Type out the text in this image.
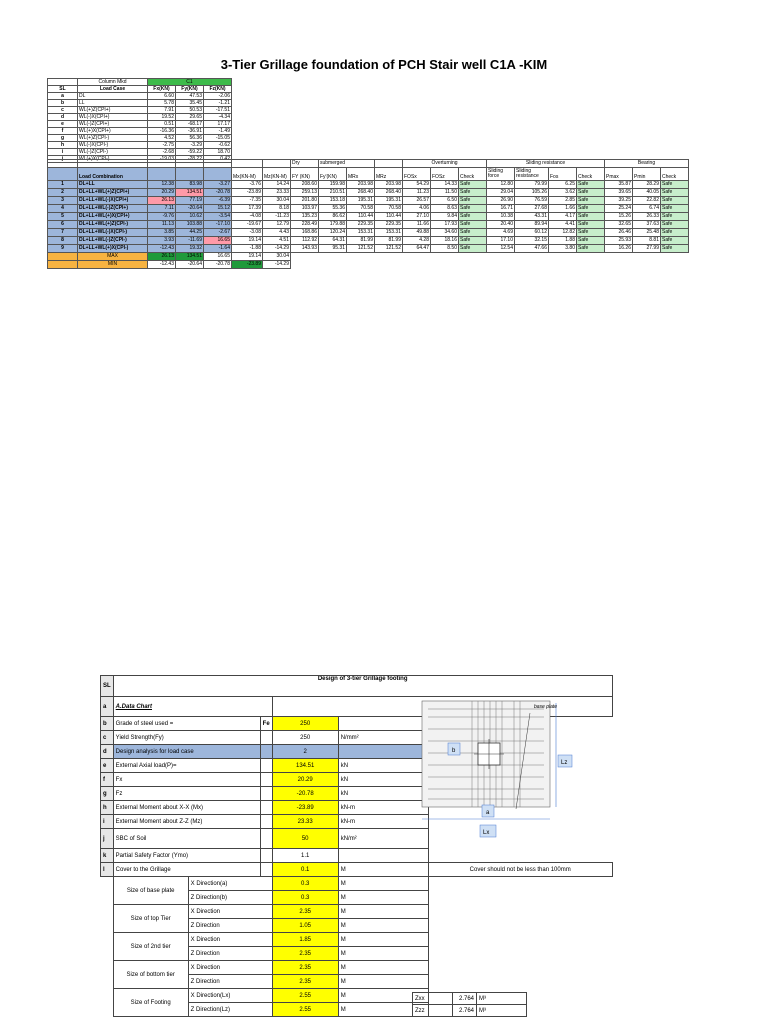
3-Tier Grillage foundation of PCH Stair well C1A -KIM
	Column Mkd	C1		
SL	Load Case	Fx(KN)	Fy(KN)	Fz(KN)
a	DL	6.60	47.53	-2.06
b	LL	5.78	35.45	-1.21
c	WL(+)Z(CPI+)	7.91	50.53	-17.51
d	WL(-)X(CPI+)	19.52	29.65	-4.34
e	WL(-)Z(CPI+)	0.51	-68.17	17.17
f	WL(+)X(CPI+)	-16.36	-36.91	-1.49
g	WL(+)Z(CPI-)	4.52	56.36	-15.05
h	WL(-)X(CPI-)	-2.75	-3.29	-0.62
i	WL(-)Z(CPI-)	-2.68	-59.22	18.70
j	WL(+)X(CPI-)	-19.03	-28.22	0.42
							Dry	submerged			Overturning			Sliding resistance				Bearing		
	Load Combination				Mx(KN-M)	Mz(KN-M)	FY (KN)	Fy'(KN)	MRx	MRz	FOSx	FOSz	Check	Sliding force	Sliding resistance	Fos	Check	Pmax	Pmin	Check
1	DL+LL	12.38	83.98	-3.27	-3.76	14.24	208.60	159.98	203.98	203.98	54.29	14.33	Safe	12.80	79.99	6.25	Safe	35.87	28.29	Safe
2	DL+LL+WL(+)Z(CPI+)	20.29	134.51	-20.78	-23.89	23.33	259.13	210.51	268.40	268.40	11.23	11.50	Safe	29.04	105.26	3.62	Safe	39.65	40.05	Safe
3	DL+LL+WL(-)X(CPI+)	26.13	77.19	-6.39	-7.35	30.04	201.80	153.18	195.31	195.31	26.57	6.50	Safe	26.90	76.59	2.85	Safe	39.25	22.82	Safe
4	DL+LL+WL(-)Z(CPI+)	7.11	-20.64	15.12	17.39	8.18	103.97	55.36	70.58	70.58	4.06	8.63	Safe	16.71	27.68	1.66	Safe	25.24	6.74	Safe
5	DL+LL+WL(+)X(CPI+)	-9.76	10.62	-3.54	-4.08	-11.23	135.23	86.62	110.44	110.44	27.10	9.84	Safe	10.38	43.31	4.17	Safe	15.26	26.33	Safe
6	DL+LL+WL(+)Z(CPI-)	11.13	103.88	-17.10	-19.67	12.79	228.49	179.88	229.35	229.35	11.66	17.93	Safe	20.40	89.94	4.41	Safe	32.65	37.63	Safe
7	DL+LL+WL(-)X(CPI-)	3.85	44.25	-2.67	-3.08	4.43	168.86	120.24	153.31	153.31	49.88	34.60	Safe	4.69	60.12	12.82	Safe	26.46	25.48	Safe
8	DL+LL+WL(-)Z(CPI-)	3.93	-11.69	16.65	19.14	4.51	112.92	64.31	81.99	81.99	4.28	18.16	Safe	17.10	32.15	1.88	Safe	25.93	8.81	Safe
9	DL+LL+WL(+)X(CPI-)	-12.43	19.32	-1.64	-1.88	-14.29	143.93	95.31	121.52	121.52	64.47	8.50	Safe	12.54	47.66	3.80	Safe	16.26	27.99	Safe
	MAX	26.13	134.51	16.65	19.14	30.04														
	MIN	-12.43	-20.64	-20.78	-23.89	-14.29														
SL	Design of 3-tier Grillage footing					
a	A.Data Chart					
b	Grade of steel used =		Fe	250		
c	Yield Strength(Fy)			250	N/mm²	
d	Design analysis for load case			2		
e	External Axial load(P)=			134.51	kN	
f	Fx			20.29	kN	
g	Fz			-20.78	kN	
h	External Moment about X-X (Mx)			-23.89	kN-m	
i	External Moment about Z-Z (Mz)			23.33	kN-m	
j	SBC of Soil			50	kN/m²	
k	Partial Safety Factor (Ymo)			1.1		
l	Cover to the Grillage			0.1	M	Cover should not be less than 100mm
	Size of base plate	X Direction(a)		0.3	M	
		Z Direction(b)		0.3	M	
	Size of top Tier	X Direction		2.35	M	
		Z Direction		1.05	M	
	Size of 2nd tier	X Direction		1.85	M	
		Z Direction		2.35	M	
	Size of bottom tier	X Direction		2.35	M	
		Z Direction		2.35	M	
	Size of Footing	X Direction(Lx)		2.55	M	
		Z Direction(Lz)		2.55	M	
base plate
b
Lz
a
Lx
Zxx	2.764	M³
Zzz	2.764	M³
